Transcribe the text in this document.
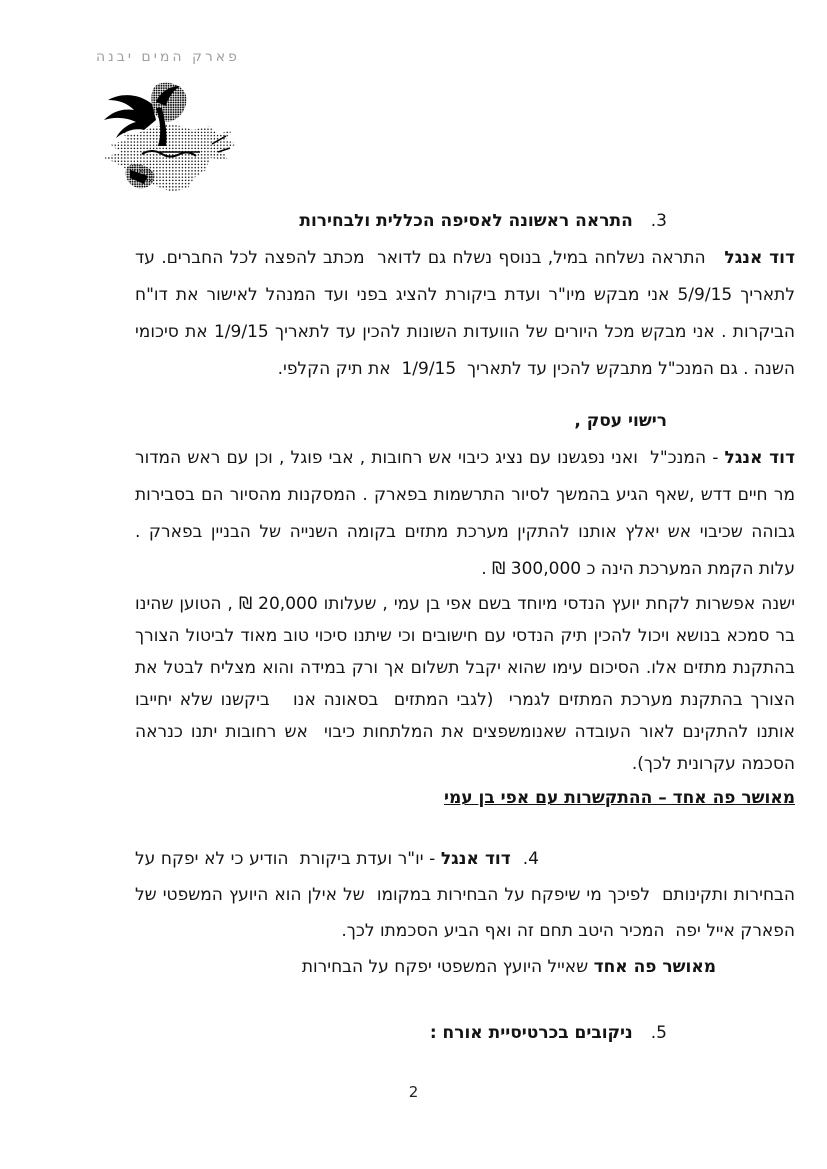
פארק המים יבנה
3.התראה ראשונה לאסיפה הכללית ולבחירות

דוד אנגל   התראה נשלחה במיל, בנוסף נשלח גם לדואר  מכתב להפצה לכל החברים. עד לתאריך 5/9/15 אני מבקש מיו"ר ועדת ביקורת להציג בפני ועד המנהל לאישור את דו"ח הביקרות . אני מבקש מכל היורים של הוועדות השונות להכין עד לתאריך 1/9/15 את סיכומי השנה . גם המנכ"ל מתבקש להכין עד לתאריך  1/9/15  את תיק הקלפי.

רישוי עסק ,

דוד אנגל - המנכ"ל  ואני נפגשנו עם נציג כיבוי אש רחובות , אבי פוגל , וכן עם ראש המדור מר חיים דדש ,שאף הגיע בהמשך לסיור התרשמות בפארק . המסקנות מהסיור הם בסבירות גבוהה שכיבוי אש יאלץ אותנו להתקין מערכת מתזים בקומה השנייה של הבניין בפארק . עלות הקמת המערכת הינה כ 300,000 ₪ .

ישנה אפשרות לקחת יועץ הנדסי מיוחד בשם אפי בן עמי , שעלותו 20,000 ₪ , הטוען שהינו בר סמכא בנושא ויכול להכין תיק הנדסי עם חישובים וכי שיתנו סיכוי טוב מאוד לביטול הצורך בהתקנת מתזים אלו. הסיכום עימו שהוא יקבל תשלום אך ורק במידה והוא מצליח לבטל את הצורך בהתקנת מערכת המתזים לגמרי  (לגבי המתזים  בסאונה אנו   ביקשנו שלא יחייבו אותנו להתקינם לאור העובדה שאנומשפצים את המלתחות כיבוי  אש רחובות יתנו כנראה הסכמה עקרונית לכך).

מאושר פה אחד – ההתקשרות עם אפי בן עמי

4.דוד אנגל - יו"ר ועדת ביקורת  הודיע כי לא יפקח על הבחירות ותקינותם  לפיכך מי שיפקח על הבחירות במקומו  של אילן הוא היועץ המשפטי של הפארק אייל יפה  המכיר היטב תחם זה ואף הביע הסכמתו לכך.

מאושר פה אחד שאייל היועץ המשפטי יפקח על הבחירות

5.ניקובים בכרטיסיית אורח :
2
